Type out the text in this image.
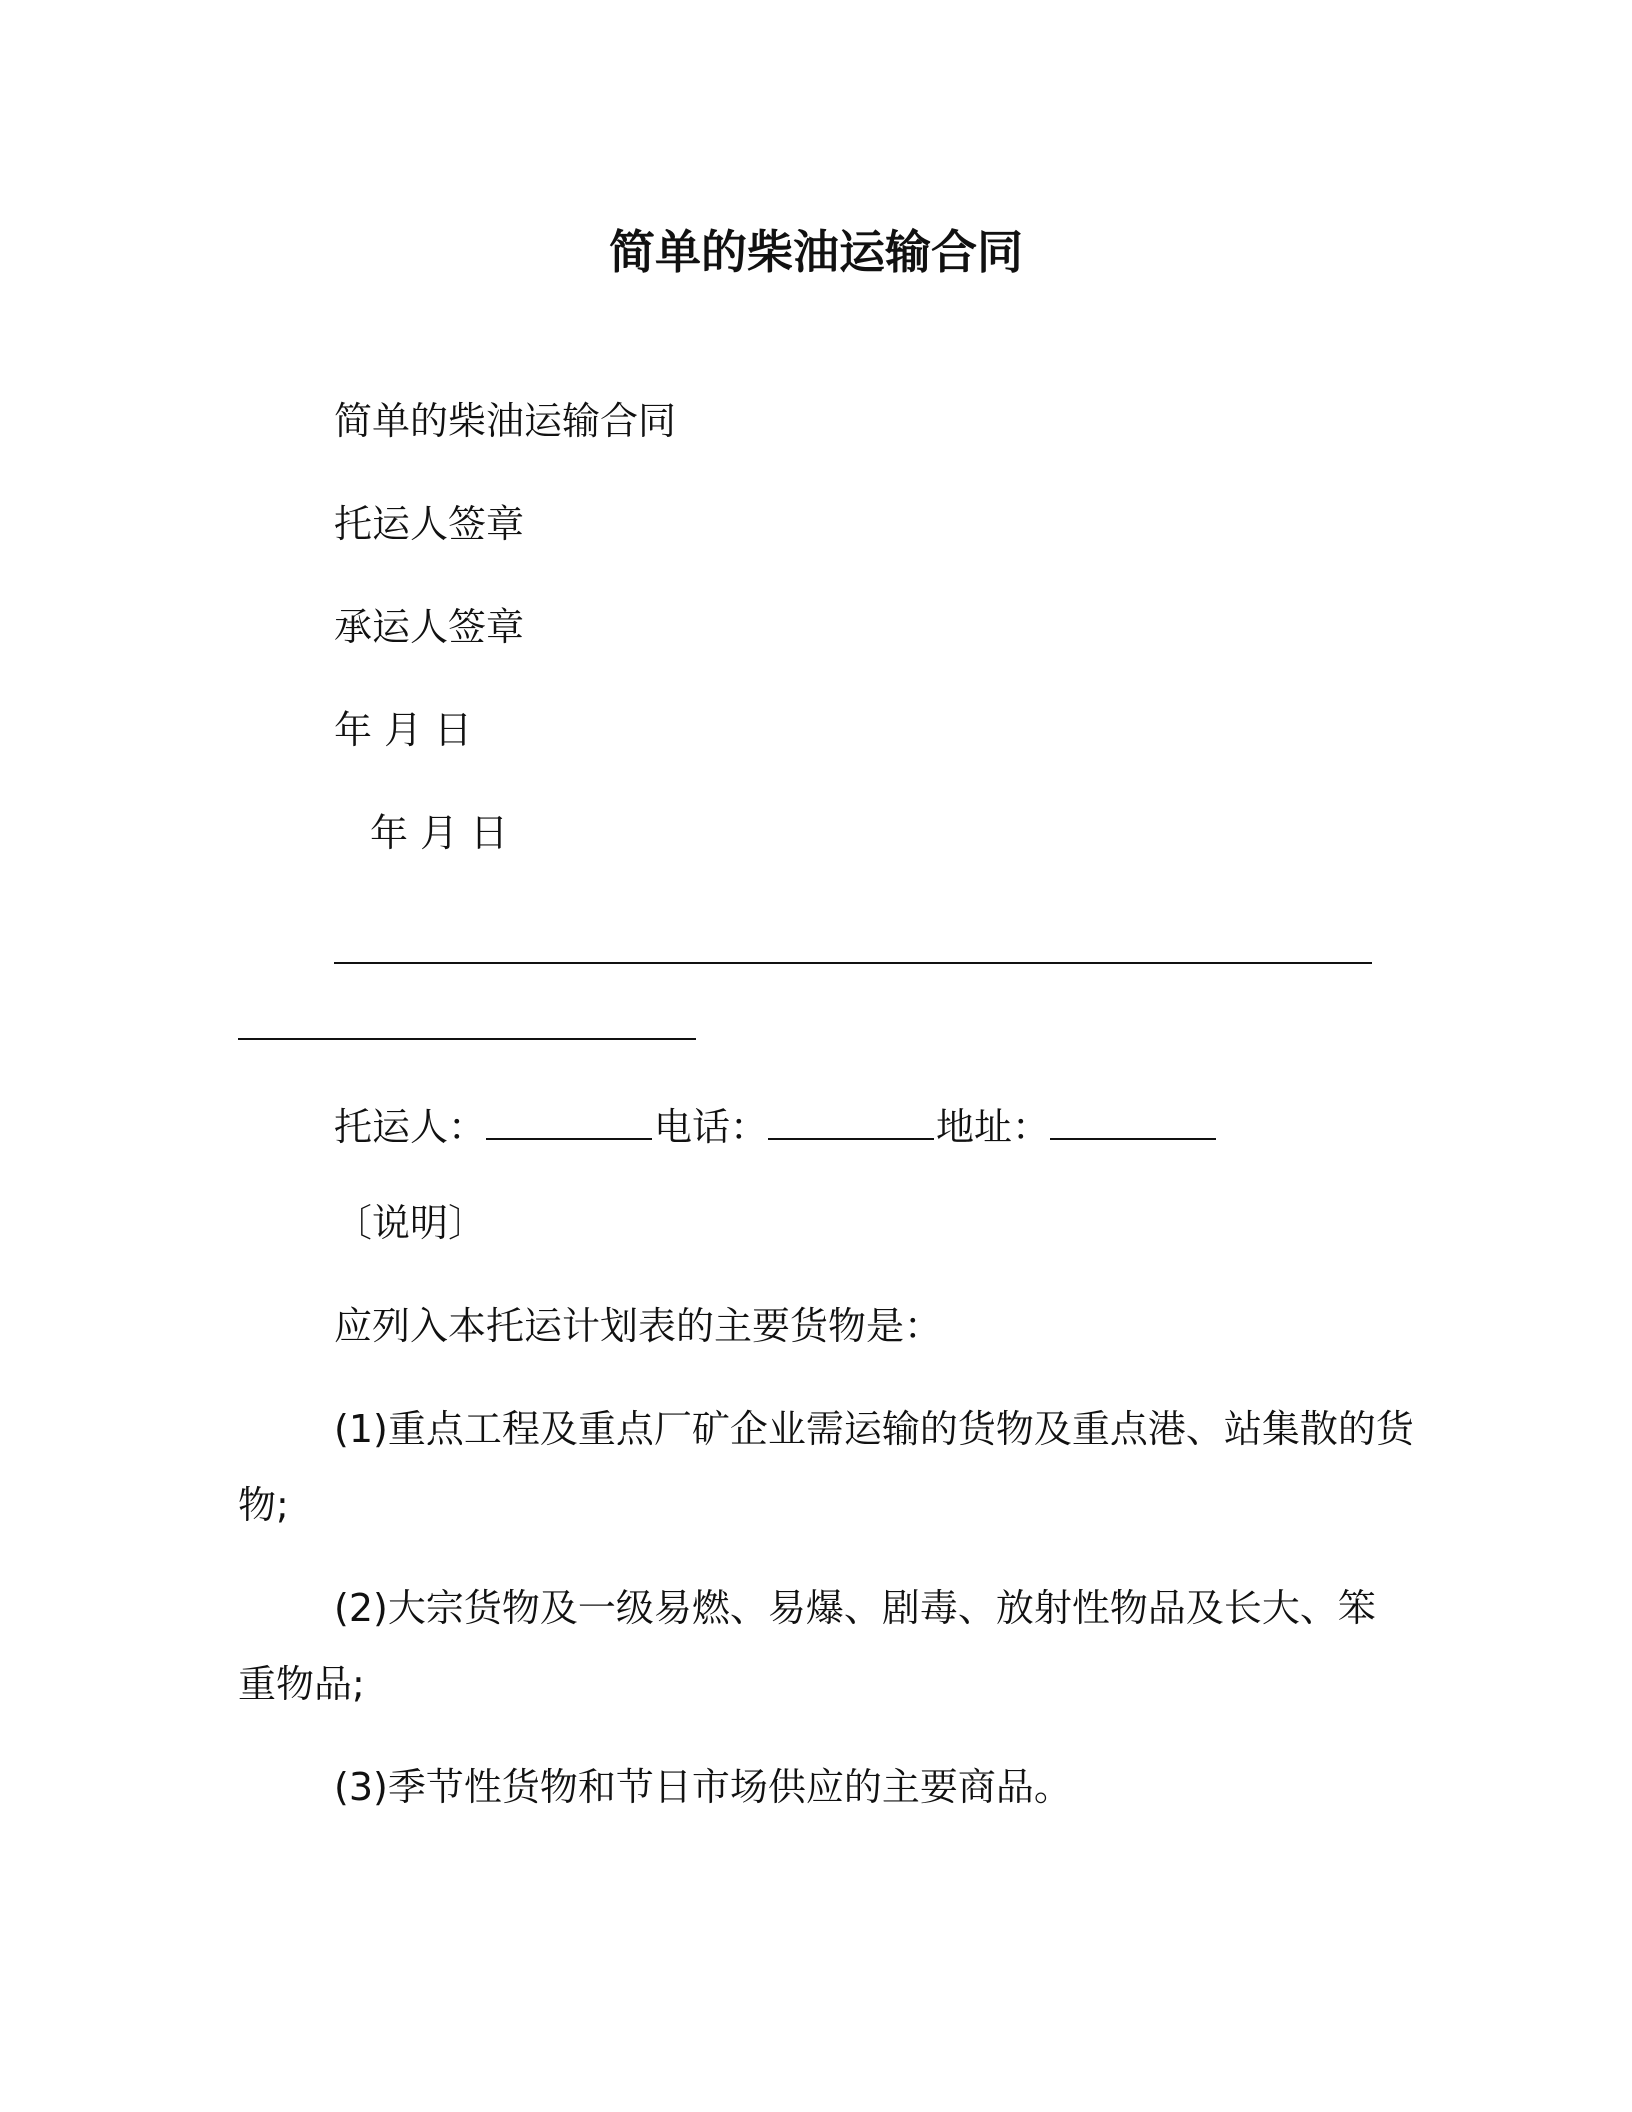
简单的柴油运输合同
简单的柴油运输合同
托运人签章
承运人签章
年 月 日
年 月 日
托运人：	电话：	地址：
〔说明〕
应列入本托运计划表的主要货物是：
(1)重点工程及重点厂矿企业需运输的货物及重点港、站集散的货
物;
(2)大宗货物及一级易燃、易爆、剧毒、放射性物品及长大、笨
重物品;
(3)季节性货物和节日市场供应的主要商品。
